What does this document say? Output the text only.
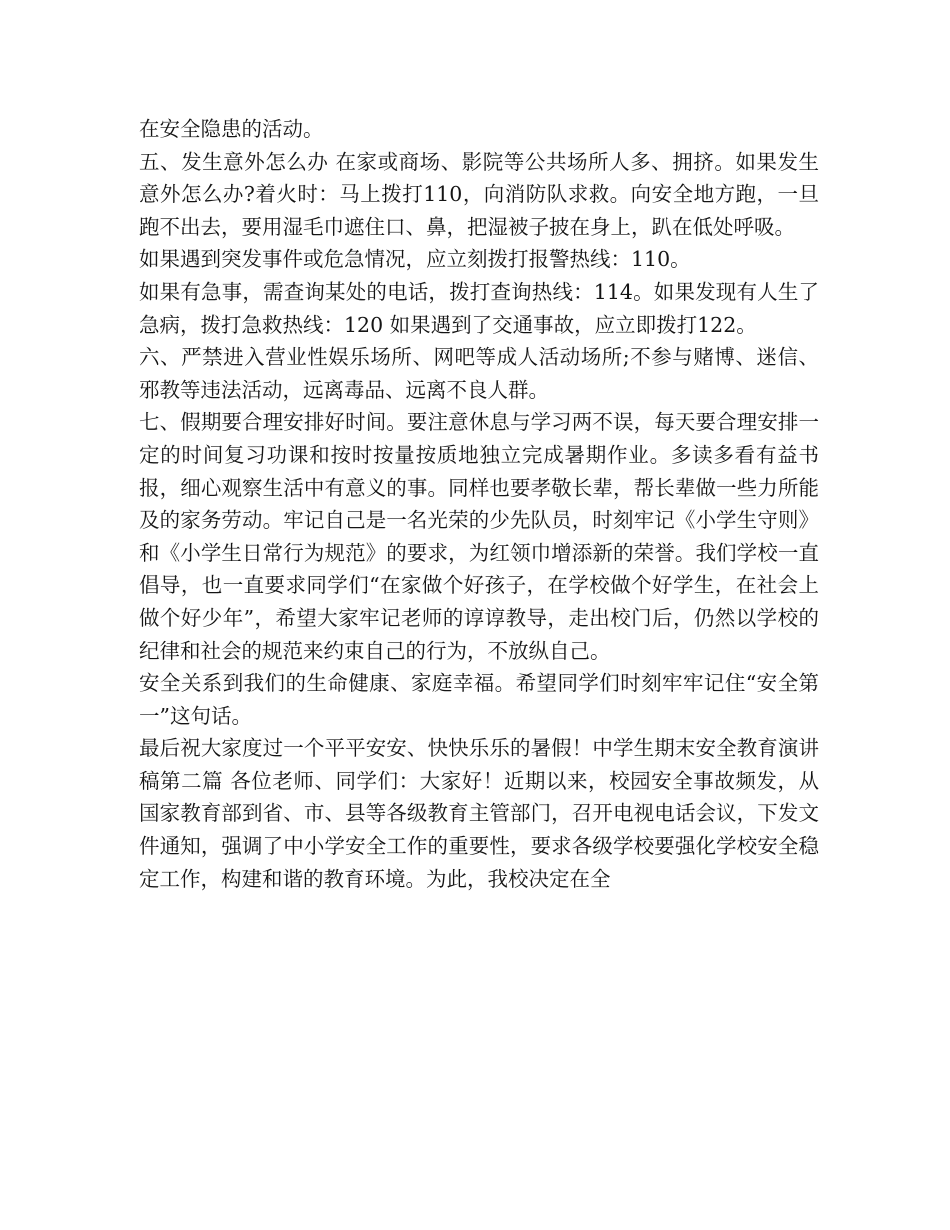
在安全隐患的活动。

五、发生意外怎么办 在家或商场、影院等公共场所人多、拥挤。如果发生意外怎么办?着火时：马上拨打110，向消防队求救。向安全地方跑，一旦跑不出去，要用湿毛巾遮住口、鼻，把湿被子披在身上，趴在低处呼吸。

如果遇到突发事件或危急情况，应立刻拨打报警热线：110。

如果有急事，需查询某处的电话，拨打查询热线：114。如果发现有人生了急病，拨打急救热线：120 如果遇到了交通事故，应立即拨打122。

六、严禁进入营业性娱乐场所、网吧等成人活动场所;不参与赌博、迷信、邪教等违法活动，远离毒品、远离不良人群。

七、假期要合理安排好时间。要注意休息与学习两不误，每天要合理安排一定的时间复习功课和按时按量按质地独立完成暑期作业。多读多看有益书报，细心观察生活中有意义的事。同样也要孝敬长辈，帮长辈做一些力所能及的家务劳动。牢记自己是一名光荣的少先队员，时刻牢记《小学生守则》和《小学生日常行为规范》的要求，为红领巾增添新的荣誉。我们学校一直倡导，也一直要求同学们“在家做个好孩子，在学校做个好学生，在社会上做个好少年”，希望大家牢记老师的谆谆教导，走出校门后，仍然以学校的纪律和社会的规范来约束自己的行为，不放纵自己。

安全关系到我们的生命健康、家庭幸福。希望同学们时刻牢牢记住“安全第一”这句话。

最后祝大家度过一个平平安安、快快乐乐的暑假！中学生期末安全教育演讲稿第二篇 各位老师、同学们：大家好！近期以来，校园安全事故频发，从国家教育部到省、市、县等各级教育主管部门，召开电视电话会议，下发文件通知，强调了中小学安全工作的重要性，要求各级学校要强化学校安全稳定工作，构建和谐的教育环境。为此，我校决定在全
